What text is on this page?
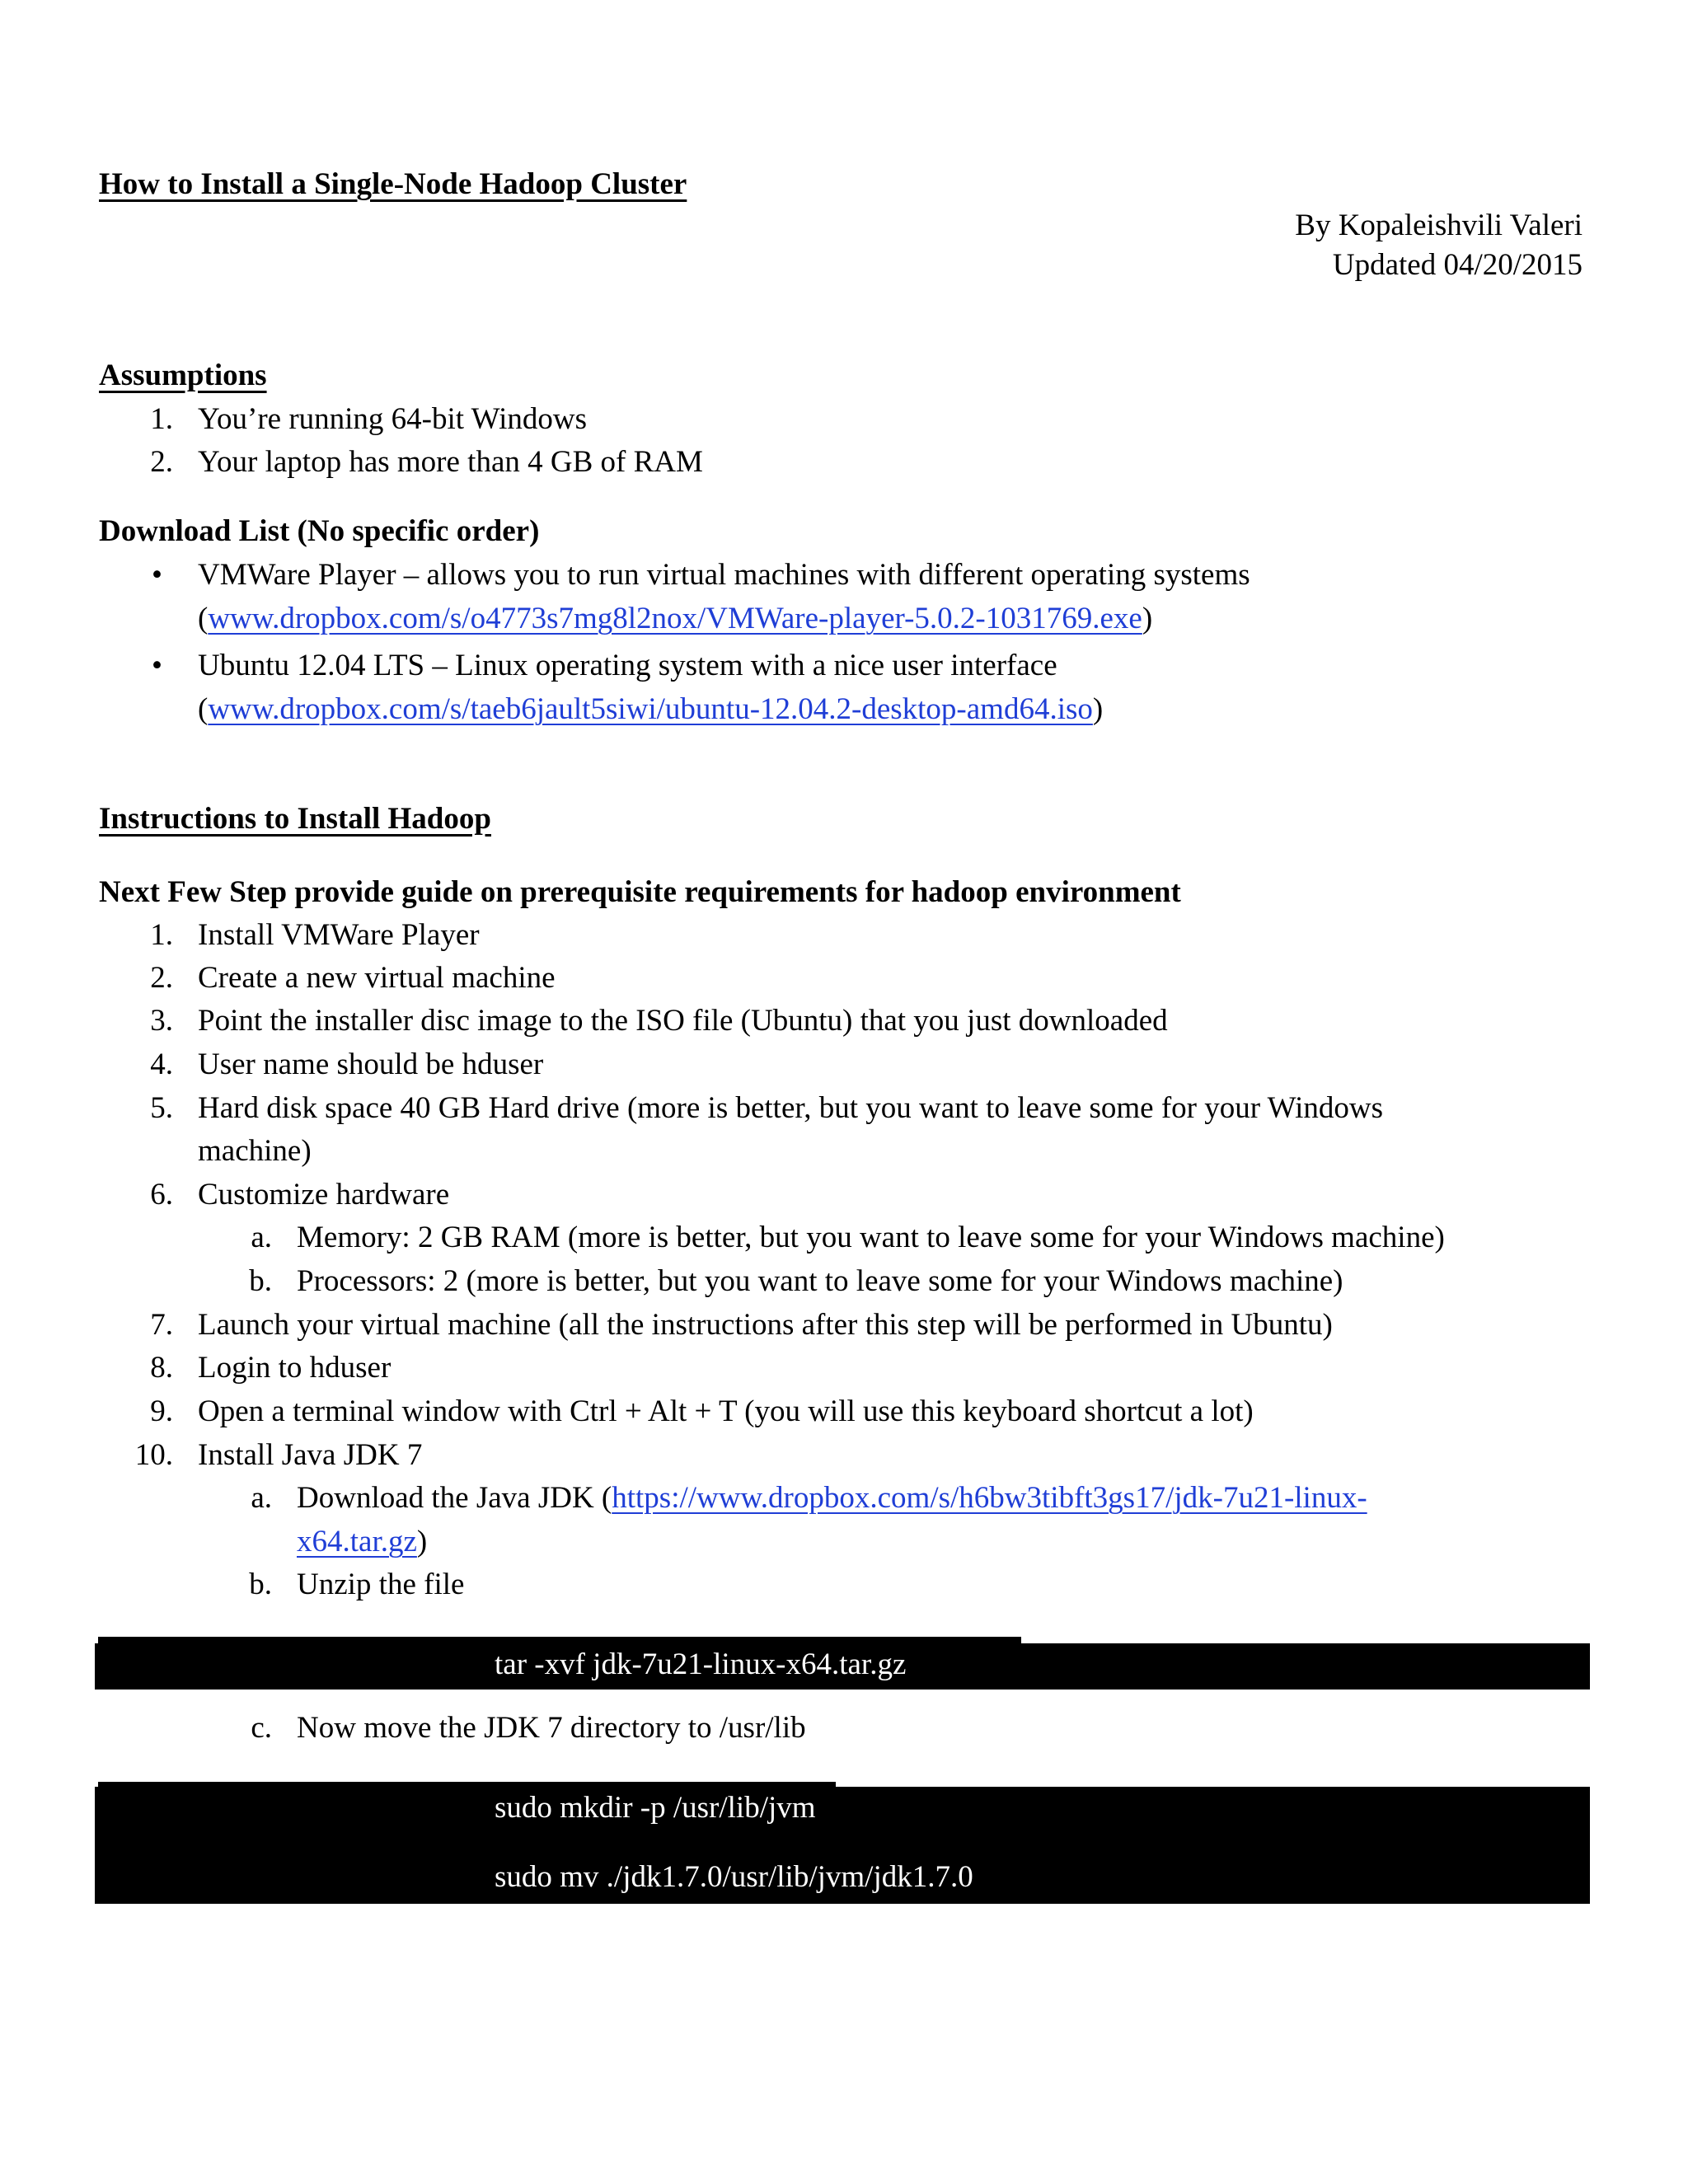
How to Install a Single-Node Hadoop Cluster
By Kopaleishvili Valeri
Updated 04/20/2015
Assumptions
1. You’re running 64-bit Windows
2. Your laptop has more than 4 GB of RAM
Download List (No specific order)
• VMWare Player – allows you to run virtual machines with different operating systems
(www.dropbox.com/s/o4773s7mg8l2nox/VMWare-player-5.0.2-1031769.exe)
• Ubuntu 12.04 LTS – Linux operating system with a nice user interface
(www.dropbox.com/s/taeb6jault5siwi/ubuntu-12.04.2-desktop-amd64.iso)
Instructions to Install Hadoop
Next Few Step provide guide on prerequisite requirements for hadoop environment
1. Install VMWare Player
2. Create a new virtual machine
3. Point the installer disc image to the ISO file (Ubuntu) that you just downloaded
4. User name should be hduser
5. Hard disk space 40 GB Hard drive (more is better, but you want to leave some for your Windows
machine)
6. Customize hardware
a. Memory: 2 GB RAM (more is better, but you want to leave some for your Windows machine)
b. Processors: 2 (more is better, but you want to leave some for your Windows machine)
7. Launch your virtual machine (all the instructions after this step will be performed in Ubuntu)
8. Login to hduser
9. Open a terminal window with Ctrl + Alt + T (you will use this keyboard shortcut a lot)
10. Install Java JDK 7
a. Download the Java JDK (https://www.dropbox.com/s/h6bw3tibft3gs17/jdk-7u21-linux-
x64.tar.gz)
b. Unzip the file
tar -xvf jdk-7u21-linux-x64.tar.gz
c. Now move the JDK 7 directory to /usr/lib
sudo mkdir -p /usr/lib/jvm
sudo mv ./jdk1.7.0/usr/lib/jvm/jdk1.7.0
